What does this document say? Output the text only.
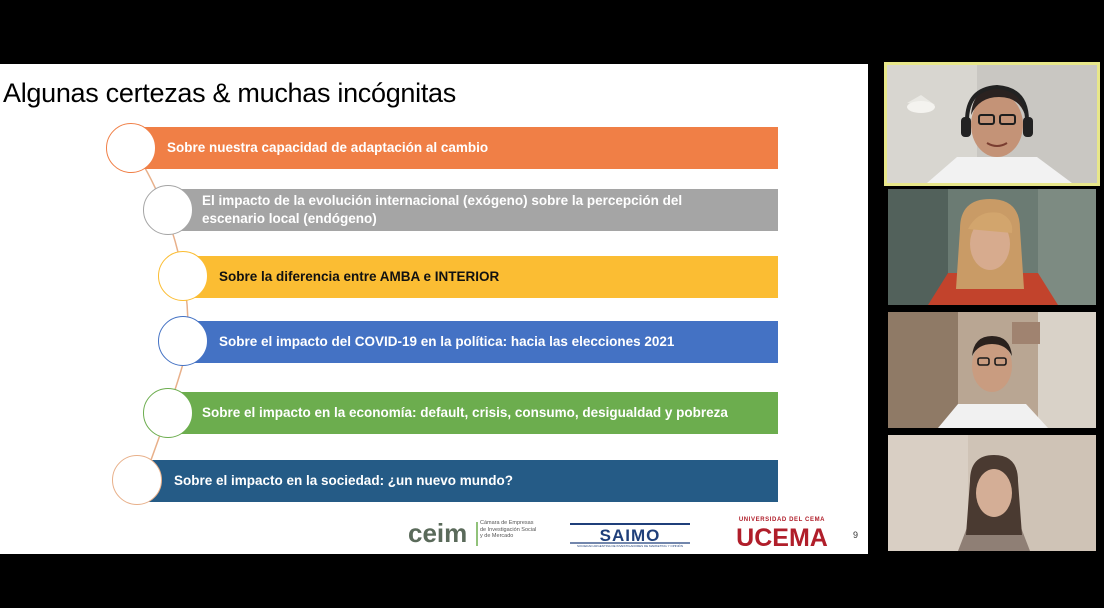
Algunas certezas & muchas incógnitas
Sobre nuestra capacidad de adaptación al cambio
El impacto de la evolución internacional (exógeno) sobre la percepción del escenario local (endógeno)
Sobre la diferencia entre AMBA e INTERIOR
Sobre el impacto del COVID-19 en la política: hacia las elecciones 2021
Sobre el impacto en la economía: default, crisis, consumo, desigualdad y pobreza
Sobre el impacto en la sociedad: ¿un nuevo mundo?
ceim Cámara de Empresas de Investigación Social y de Mercado	SAIMO
SOCIEDAD ARGENTINA DE INVESTIGADORES DE MARKETING Y OPINIÓN
UNIVERSIDAD DEL CEMA
UCEMA	9
